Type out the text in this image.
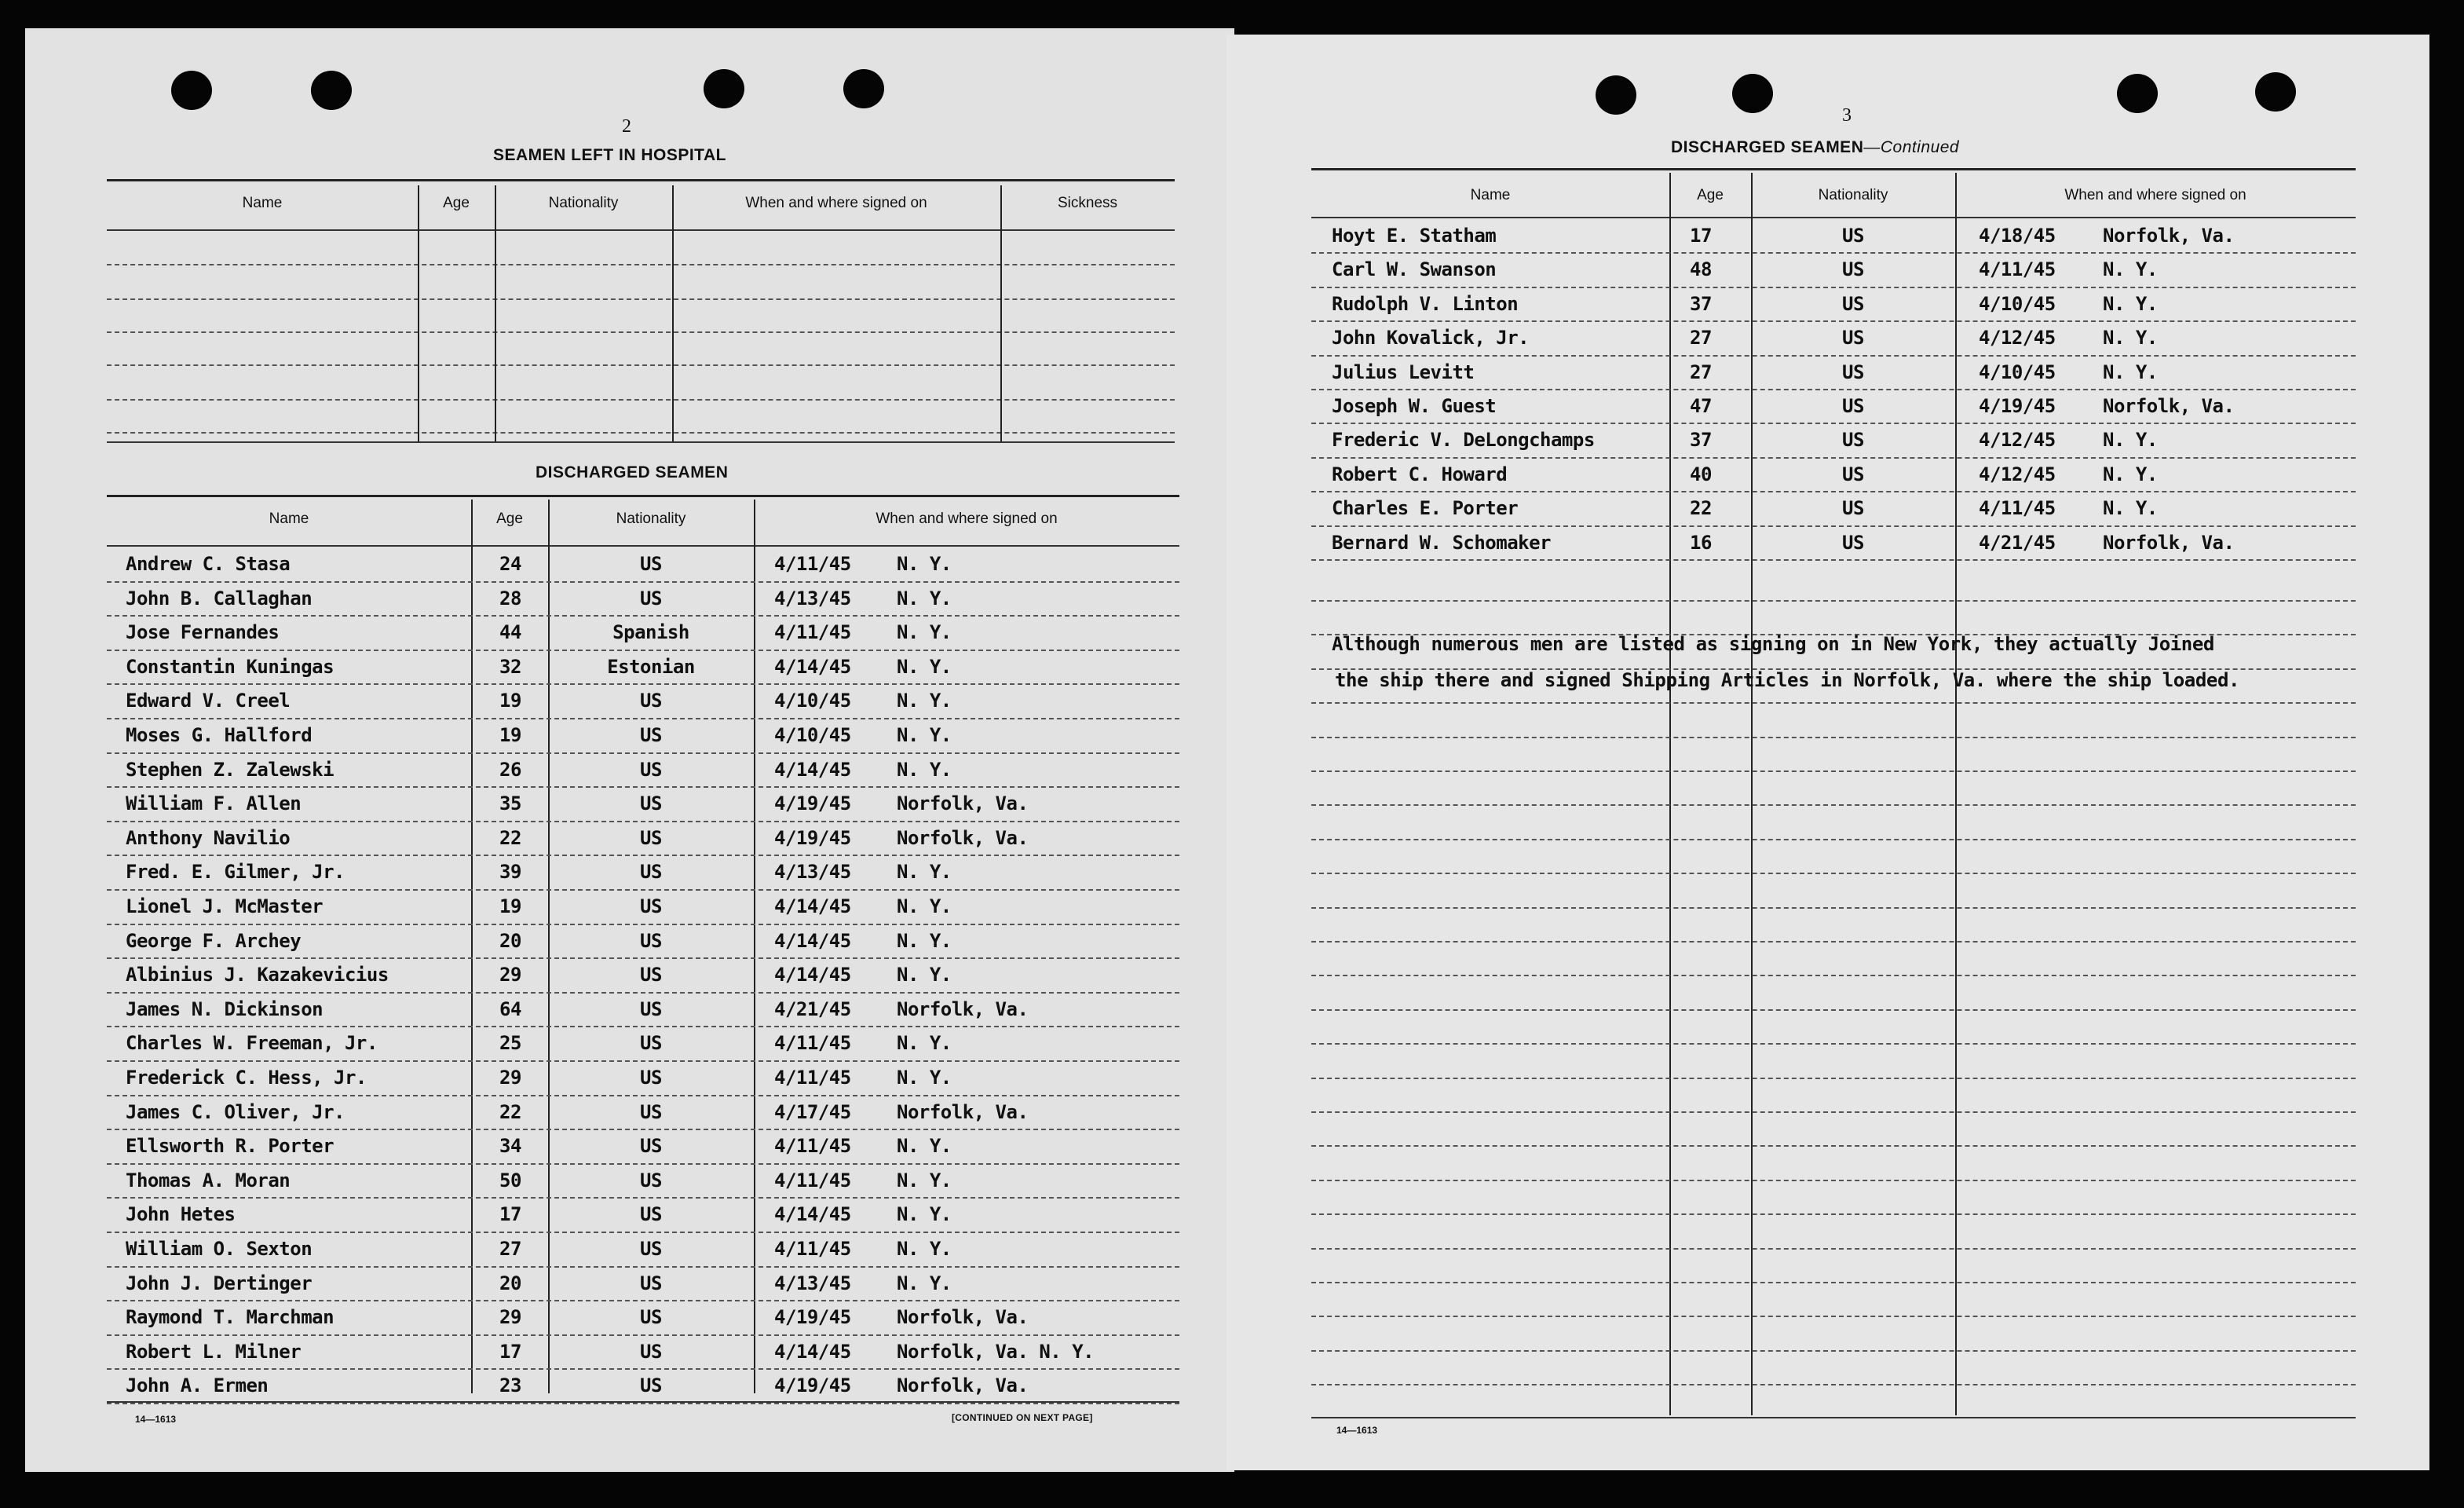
2
SEAMEN LEFT IN HOSPITAL
Name	Age	Nationality	When and where signed on	Sickness
DISCHARGED SEAMEN
Name	Age	Nationality	When and where signed on
Andrew C. Stasa	24	US	4/11/45 N. Y.
John B. Callaghan	28	US	4/13/45 N. Y.
Jose Fernandes	44	Spanish	4/11/45 N. Y.
Constantin Kuningas	32	Estonian	4/14/45 N. Y.
Edward V. Creel	19	US	4/10/45 N. Y.
Moses G. Hallford	19	US	4/10/45 N. Y.
Stephen Z. Zalewski	26	US	4/14/45 N. Y.
William F. Allen	35	US	4/19/45 Norfolk, Va.
Anthony Navilio	22	US	4/19/45 Norfolk, Va.
Fred. E. Gilmer, Jr.	39	US	4/13/45 N. Y.
Lionel J. McMaster	19	US	4/14/45 N. Y.
George F. Archey	20	US	4/14/45 N. Y.
Albinius J. Kazakevicius	29	US	4/14/45 N. Y.
James N. Dickinson	64	US	4/21/45 Norfolk, Va.
Charles W. Freeman, Jr.	25	US	4/11/45 N. Y.
Frederick C. Hess, Jr.	29	US	4/11/45 N. Y.
James C. Oliver, Jr.	22	US	4/17/45 Norfolk, Va.
Ellsworth R. Porter	34	US	4/11/45 N. Y.
Thomas A. Moran	50	US	4/11/45 N. Y.
John Hetes	17	US	4/14/45 N. Y.
William O. Sexton	27	US	4/11/45 N. Y.
John J. Dertinger	20	US	4/13/45 N. Y.
Raymond T. Marchman	29	US	4/19/45 Norfolk, Va.
Robert L. Milner	17	US	4/14/45 Norfolk, Va. N. Y.
John A. Ermen	23	US	4/19/45 Norfolk, Va.
14—1613	[CONTINUED ON NEXT PAGE]
3
DISCHARGED SEAMEN—Continued
Name	Age	Nationality	When and where signed on
Hoyt E. Statham	17	US	4/18/45	Norfolk, Va.
Carl W. Swanson	48	US	4/11/45	N. Y.
Rudolph V. Linton	37	US	4/10/45	N. Y.
John Kovalick, Jr.	27	US	4/12/45	N. Y.
Julius Levitt	27	US	4/10/45	N. Y.
Joseph W. Guest	47	US	4/19/45	Norfolk, Va.
Frederic V. DeLongchamps	37	US	4/12/45	N. Y.
Robert C. Howard	40	US	4/12/45	N. Y.
Charles E. Porter	22	US	4/11/45	N. Y.
Bernard W. Schomaker	16	US	4/21/45	Norfolk, Va.
Although numerous men are listed as signing on in New York, they actually Joined
the ship there and signed Shipping Articles in Norfolk, Va. where the ship loaded.
14—1613
